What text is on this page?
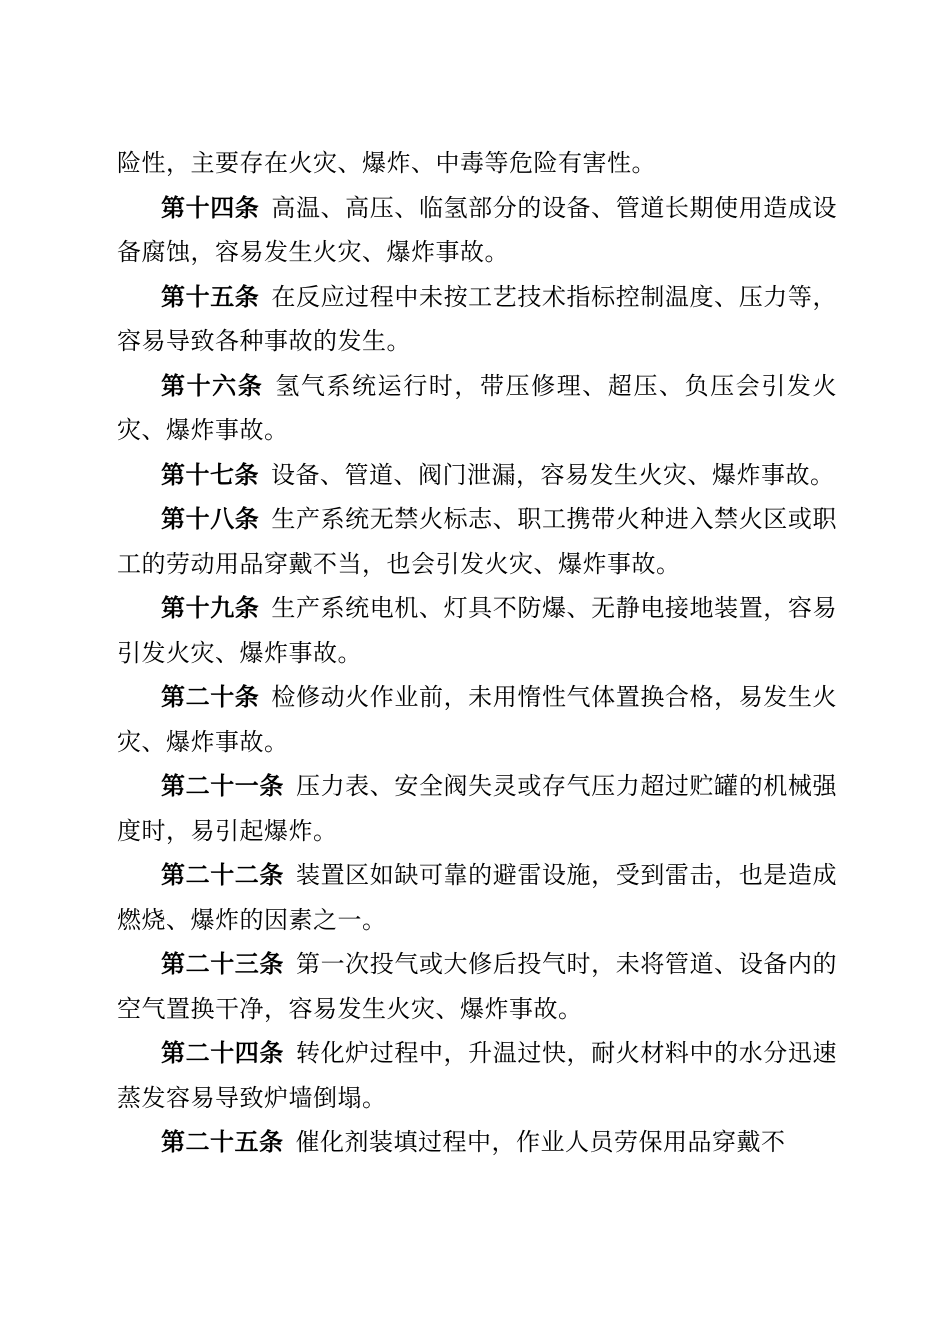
险性，主要存在火灾、爆炸、中毒等危险有害性。

第十四条 高温、高压、临氢部分的设备、管道长期使用造成设备腐蚀，容易发生火灾、爆炸事故。

第十五条 在反应过程中未按工艺技术指标控制温度、压力等，容易导致各种事故的发生。

第十六条 氢气系统运行时，带压修理、超压、负压会引发火灾、爆炸事故。

第十七条 设备、管道、阀门泄漏，容易发生火灾、爆炸事故。

第十八条 生产系统无禁火标志、职工携带火种进入禁火区或职工的劳动用品穿戴不当，也会引发火灾、爆炸事故。

第十九条 生产系统电机、灯具不防爆、无静电接地装置，容易引发火灾、爆炸事故。

第二十条 检修动火作业前，未用惰性气体置换合格，易发生火灾、爆炸事故。

第二十一条 压力表、安全阀失灵或存气压力超过贮罐的机械强度时，易引起爆炸。

第二十二条 装置区如缺可靠的避雷设施，受到雷击，也是造成燃烧、爆炸的因素之一。

第二十三条 第一次投气或大修后投气时，未将管道、设备内的空气置换干净，容易发生火灾、爆炸事故。

第二十四条 转化炉过程中，升温过快，耐火材料中的水分迅速蒸发容易导致炉墙倒塌。

第二十五条 催化剂装填过程中，作业人员劳保用品穿戴不
